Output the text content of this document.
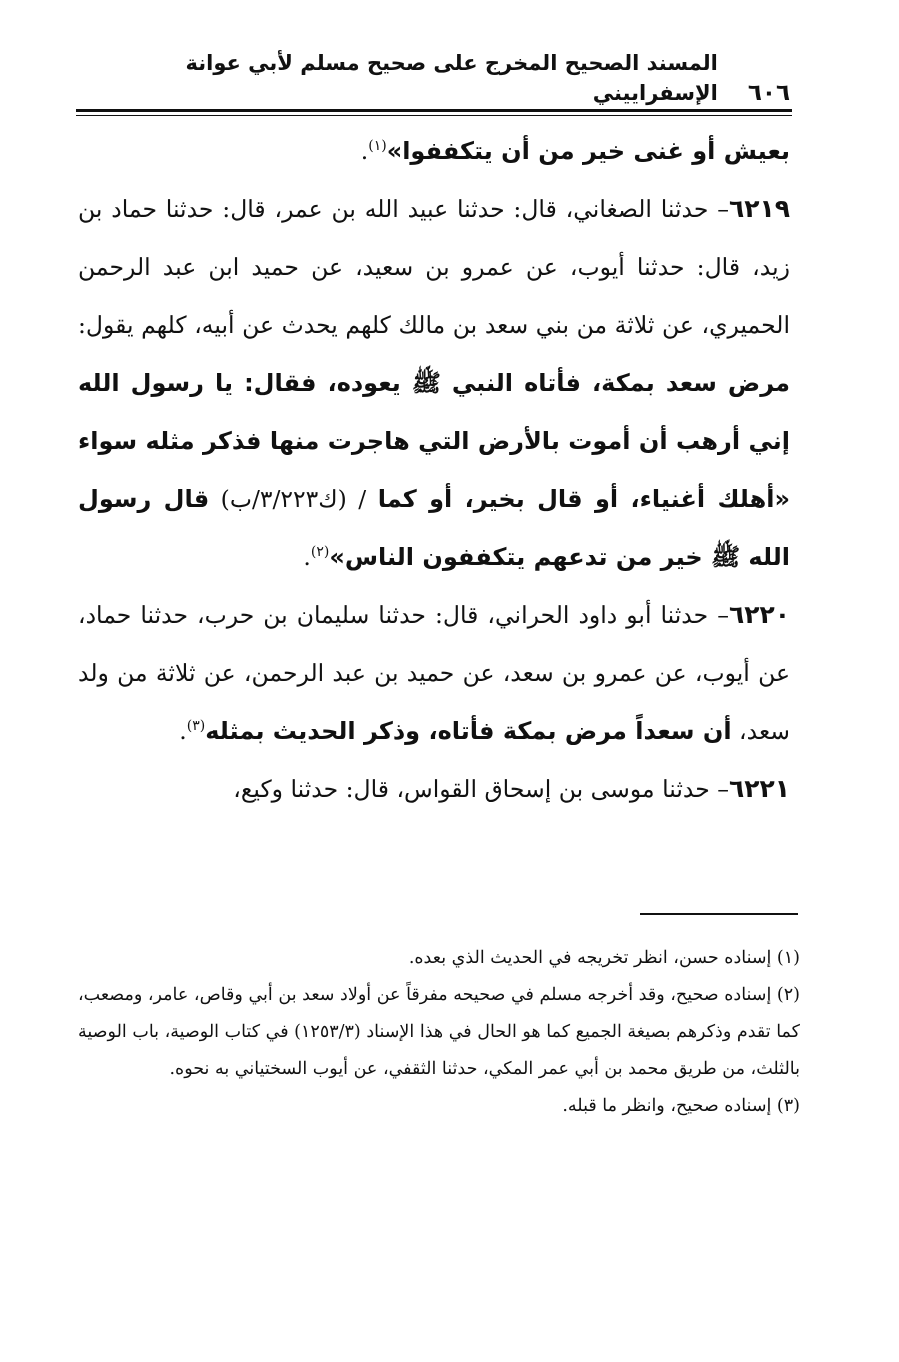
٦٠٦
المسند الصحيح المخرج على صحيح مسلم لأبي عوانة الإسفراييني

بعيش أو غنى خير من أن يتكففوا»$^{(١)}$.

٦٢١٩– حدثنا الصغاني، قال: حدثنا عبيد الله بن عمر، قال: حدثنا حماد بن زيد، قال: حدثنا أيوب، عن عمرو بن سعيد، عن حميد ابن عبد الرحمن الحميري، عن ثلاثة من بني سعد بن مالك كلهم يحدث عن أبيه، كلهم يقول: مرض سعد بمكة، فأتاه النبي ﷺ يعوده، فقال: يا رسول الله إني أرهب أن أموت بالأرض التي هاجرت منها فذكر مثله سواء «أهلك أغنياء، أو قال بخير، أو كما / (ك٣/٢٢٣/ب) قال رسول الله ﷺ خير من تدعهم يتكففون الناس»$^{(٢)}$.

٦٢٢٠– حدثنا أبو داود الحراني، قال: حدثنا سليمان بن حرب، حدثنا حماد، عن أيوب، عن عمرو بن سعد، عن حميد بن عبد الرحمن، عن ثلاثة من ولد سعد، أن سعداً مرض بمكة فأتاه، وذكر الحديث بمثله$^{(٣)}$.

٦٢٢١– حدثنا موسى بن إسحاق القواس، قال: حدثنا وكيع،

(١) إسناده حسن، انظر تخريجه في الحديث الذي بعده.

(٢) إسناده صحيح، وقد أخرجه مسلم في صحيحه مفرقاً عن أولاد سعد بن أبي وقاص، عامر، ومصعب، كما تقدم وذكرهم بصيغة الجميع كما هو الحال في هذا الإسناد (١٢٥٣/٣) في كتاب الوصية، باب الوصية بالثلث، من طريق محمد بن أبي عمر المكي، حدثنا الثقفي، عن أيوب السختياني به نحوه.

(٣) إسناده صحيح، وانظر ما قبله.
